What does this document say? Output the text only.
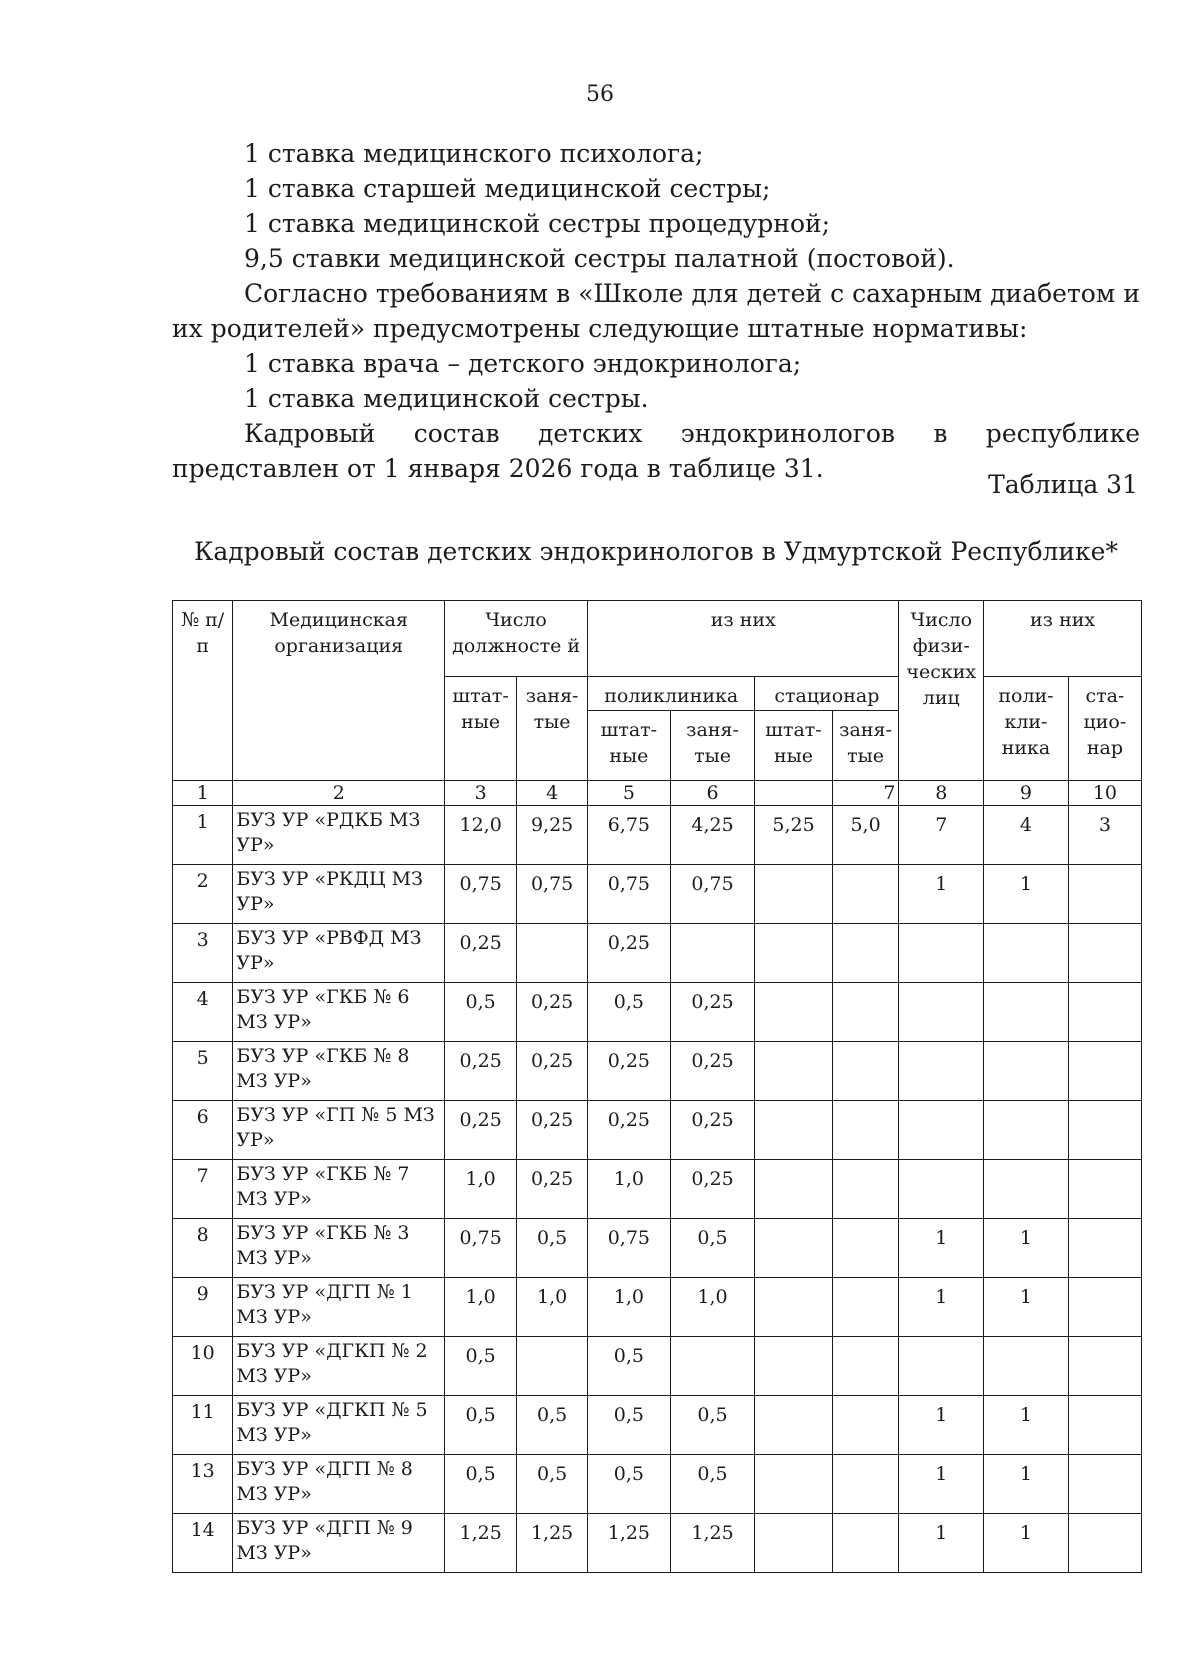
56

1 ставка медицинского психолога;

1 ставка старшей медицинской сестры;

1 ставка медицинской сестры процедурной;

9,5 ставки медицинской сестры палатной (постовой).

Согласно требованиям в «Школе для детей с сахарным диабетом и их родителей» предусмотрены следующие штатные нормативы:

1 ставка врача – детского эндокринолога;

1 ставка медицинской сестры.

Кадровый состав детских эндокринологов в республике представлен от 1 января 2026 года в таблице 31.

Таблица 31
Кадровый состав детских эндокринологов в Удмуртской Республике*
№ п/п	Медицинская организация	Число должносте й		из них				Число физи-ческих лиц	из них	
		штат-ные	заня-тые	поликлиника		стационар			поли-кли-ника	ста-цио-нар
				штат-ные	заня-тые	штат-ные	заня-тые			
1	2	3	4	5	6		7	8	9	10
1	БУЗ УР «РДКБ МЗ УР»	12,0	9,25	6,75	4,25	5,25	5,0	7	4	3
2	БУЗ УР «РКДЦ МЗ УР»	0,75	0,75	0,75	0,75			1	1	
3	БУЗ УР «РВФД МЗ УР»	0,25		0,25						
4	БУЗ УР «ГКБ № 6 МЗ УР»	0,5	0,25	0,5	0,25					
5	БУЗ УР «ГКБ № 8 МЗ УР»	0,25	0,25	0,25	0,25					
6	БУЗ УР «ГП № 5 МЗ УР»	0,25	0,25	0,25	0,25					
7	БУЗ УР «ГКБ № 7 МЗ УР»	1,0	0,25	1,0	0,25					
8	БУЗ УР «ГКБ № 3 МЗ УР»	0,75	0,5	0,75	0,5			1	1	
9	БУЗ УР «ДГП № 1 МЗ УР»	1,0	1,0	1,0	1,0			1	1	
10	БУЗ УР «ДГКП № 2 МЗ УР»	0,5		0,5						
11	БУЗ УР «ДГКП № 5 МЗ УР»	0,5	0,5	0,5	0,5			1	1	
13	БУЗ УР «ДГП № 8 МЗ УР»	0,5	0,5	0,5	0,5			1	1	
14	БУЗ УР «ДГП № 9 МЗ УР»	1,25	1,25	1,25	1,25			1	1	
